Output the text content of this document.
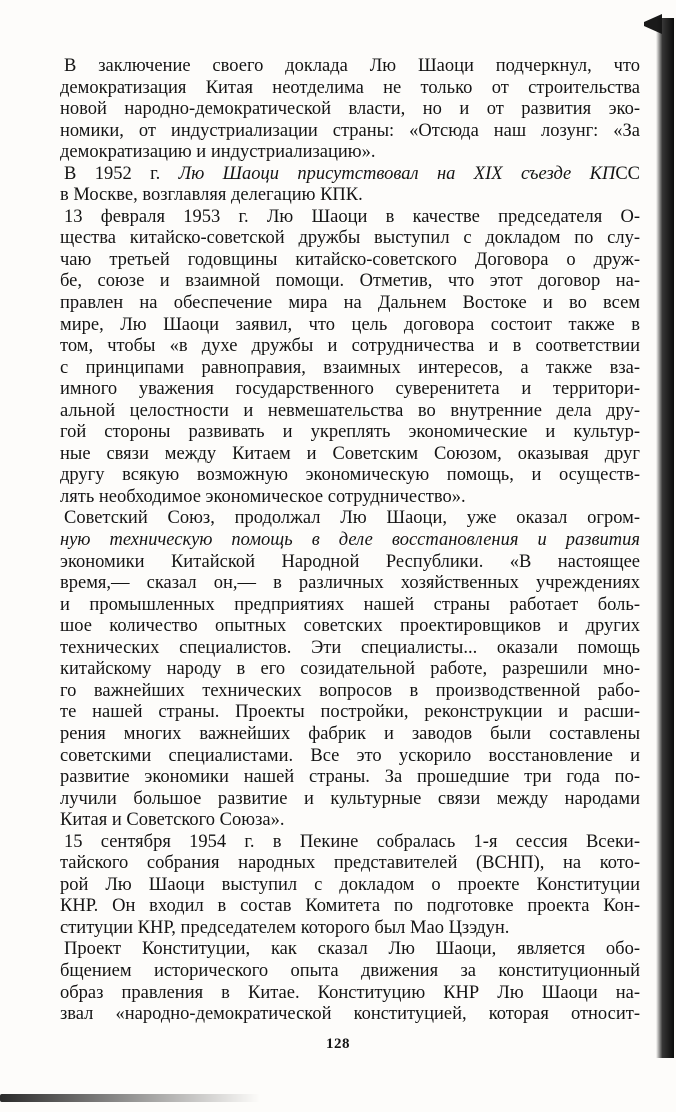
В заключение своего доклада Лю Шаоци подчеркнул, что
демократизация Китая неотделима не только от строительства
новой народно-демократической власти, но и от развития эко-
номики, от индустриализации страны: «Отсюда наш лозунг: «За
демократизацию и индустриализацию».
В 1952 г. Лю Шаоци присутствовал на XIX съезде КПСС
в Москве, возглавляя делегацию КПК.
13 февраля 1953 г. Лю Шаоци в качестве председателя О-
щества китайско-советской дружбы выступил с докладом по слу-
чаю третьей годовщины китайско-советского Договора о друж-
бе, союзе и взаимной помощи. Отметив, что этот договор на-
правлен на обеспечение мира на Дальнем Востоке и во всем
мире, Лю Шаоци заявил, что цель договора состоит также в
том, чтобы «в духе дружбы и сотрудничества и в соответствии
с принципами равноправия, взаимных интересов, а также вза-
имного уважения государственного суверенитета и территори-
альной целостности и невмешательства во внутренние дела дру-
гой стороны развивать и укреплять экономические и культур-
ные связи между Китаем и Советским Союзом, оказывая друг
другу всякую возможную экономическую помощь, и осуществ-
лять необходимое экономическое сотрудничество».
Советский Союз, продолжал Лю Шаоци, уже оказал огром-
ную техническую помощь в деле восстановления и развития
экономики Китайской Народной Республики. «В настоящее
время,— сказал он,— в различных хозяйственных учреждениях
и промышленных предприятиях нашей страны работает боль-
шое количество опытных советских проектировщиков и других
технических специалистов. Эти специалисты... оказали помощь
китайскому народу в его созидательной работе, разрешили мно-
го важнейших технических вопросов в производственной рабо-
те нашей страны. Проекты постройки, реконструкции и расши-
рения многих важнейших фабрик и заводов были составлены
советскими специалистами. Все это ускорило восстановление и
развитие экономики нашей страны. За прошедшие три года по-
лучили большое развитие и культурные связи между народами
Китая и Советского Союза».
15 сентября 1954 г. в Пекине собралась 1-я сессия Всеки-
тайского собрания народных представителей (ВСНП), на кото-
рой Лю Шаоци выступил с докладом о проекте Конституции
КНР. Он входил в состав Комитета по подготовке проекта Кон-
ституции КНР, председателем которого был Мао Цзэдун.
Проект Конституции, как сказал Лю Шаоци, является обо-
бщением исторического опыта движения за конституционный
образ правления в Китае. Конституцию КНР Лю Шаоци на-
звал «народно-демократической конституцией, которая относит-
128
